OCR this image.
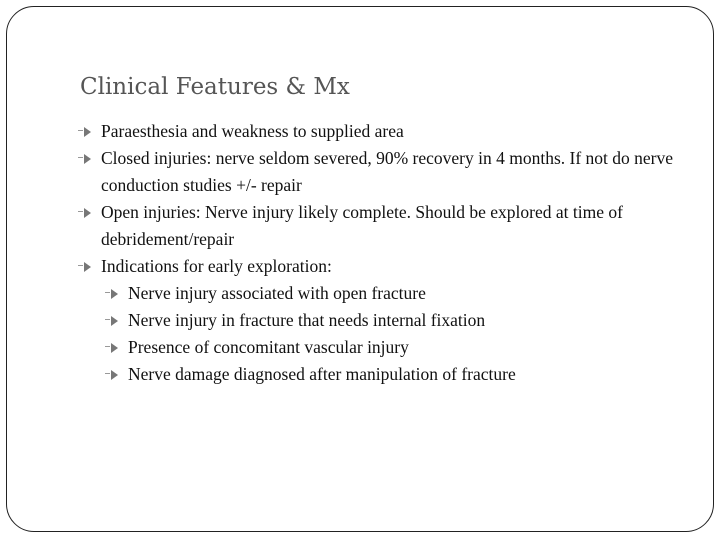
Clinical Features & Mx
Paraesthesia and weakness to supplied area
Closed injuries: nerve seldom severed, 90% recovery in 4 months. If not do nerve conduction studies +/- repair
Open injuries: Nerve injury likely complete. Should be explored at time of debridement/repair
Indications for early exploration:
Nerve injury associated with open fracture
Nerve injury in fracture that needs internal fixation
Presence of concomitant vascular injury
Nerve damage diagnosed after manipulation of fracture
